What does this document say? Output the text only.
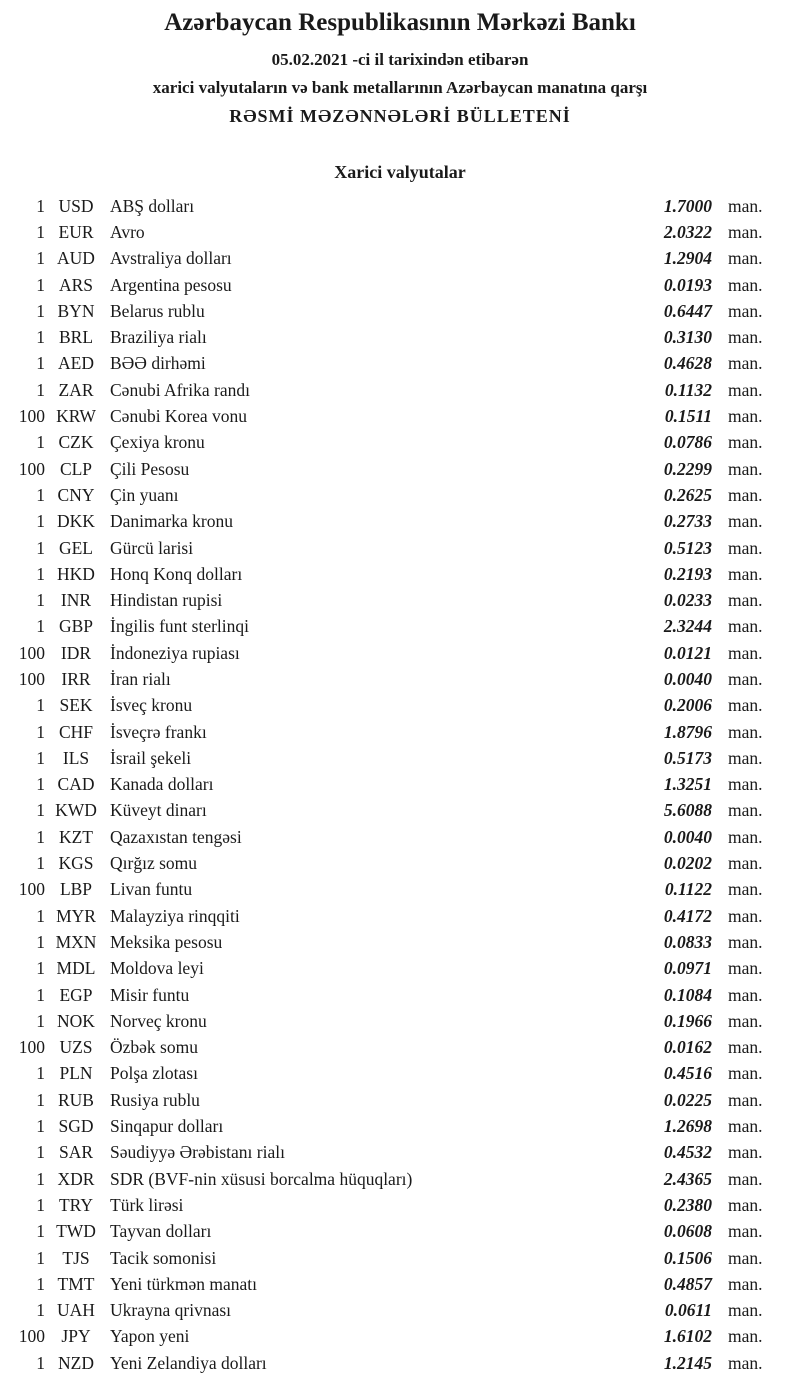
Azərbaycan Respublikasının Mərkəzi Bankı
05.02.2021 -ci il tarixindən etibarən
xarici valyutaların və bank metallarının Azərbaycan manatına qarşı
RƏSMİ MƏZƏNNƏLƏRİ BÜLLETENİ
Xarici valyutalar
1 USD ABŞ dolları	1.7000 man.
1 EUR Avro	2.0322 man.
1 AUD Avstraliya dolları	1.2904 man.
1 ARS Argentina pesosu	0.0193 man.
1 BYN Belarus rublu	0.6447 man.
1 BRL Braziliya rialı	0.3130 man.
1 AED BƏƏ dirhəmi	0.4628 man.
1 ZAR Cənubi Afrika randı	0.1132 man.
100 KRW Cənubi Korea vonu	0.1511 man.
1 CZK Çexiya kronu	0.0786 man.
100 CLP	Çili Pesosu	0.2299 man.
1 CNY Çin yuanı	0.2625 man.
1 DKK Danimarka kronu	0.2733 man.
1 GEL Gürcü larisi	0.5123 man.
1 HKD Honq Konq dolları	0.2193 man.
1 INR	Hindistan rupisi	0.0233 man.
1 GBP İngilis funt sterlinqi	2.3244 man.
100 IDR	İndoneziya rupiası	0.0121 man.
100 IRR	İran rialı	0.0040 man.
1 SEK İsveç kronu	0.2006 man.
1 CHF İsveçrə frankı	1.8796 man.
1	ILS	İsrail şekeli	0.5173 man.
1 CAD Kanada dolları	1.3251 man.
1 KWD Küveyt dinarı	5.6088 man.
1 KZT Qazaxıstan tengəsi	0.0040 man.
1 KGS Qırğız somu	0.0202 man.
100 LBP	Livan funtu	0.1122 man.
1 MYR Malayziya rinqqiti	0.4172 man.
1 MXN Meksika pesosu	0.0833 man.
1 MDL Moldova leyi	0.0971 man.
1 EGP Misir funtu	0.1084 man.
1 NOK Norveç kronu	0.1966 man.
100 UZS Özbək somu	0.0162 man.
1 PLN Polşa zlotası	0.4516 man.
1 RUB Rusiya rublu	0.0225 man.
1 SGD Sinqapur dolları	1.2698 man.
1 SAR Səudiyyə Ərəbistanı rialı	0.4532 man.
1 XDR SDR (BVF-nin xüsusi borcalma hüquqları)	2.4365 man.
1 TRY Türk lirəsi	0.2380 man.
1 TWD Tayvan dolları	0.0608 man.
1 TJS	Tacik somonisi	0.1506 man.
1 TMT Yeni türkmən manatı	0.4857 man.
1 UAH Ukrayna qrivnası	0.0611 man.
100 JPY	Yapon yeni	1.6102 man.
1 NZD Yeni Zelandiya dolları	1.2145 man.
